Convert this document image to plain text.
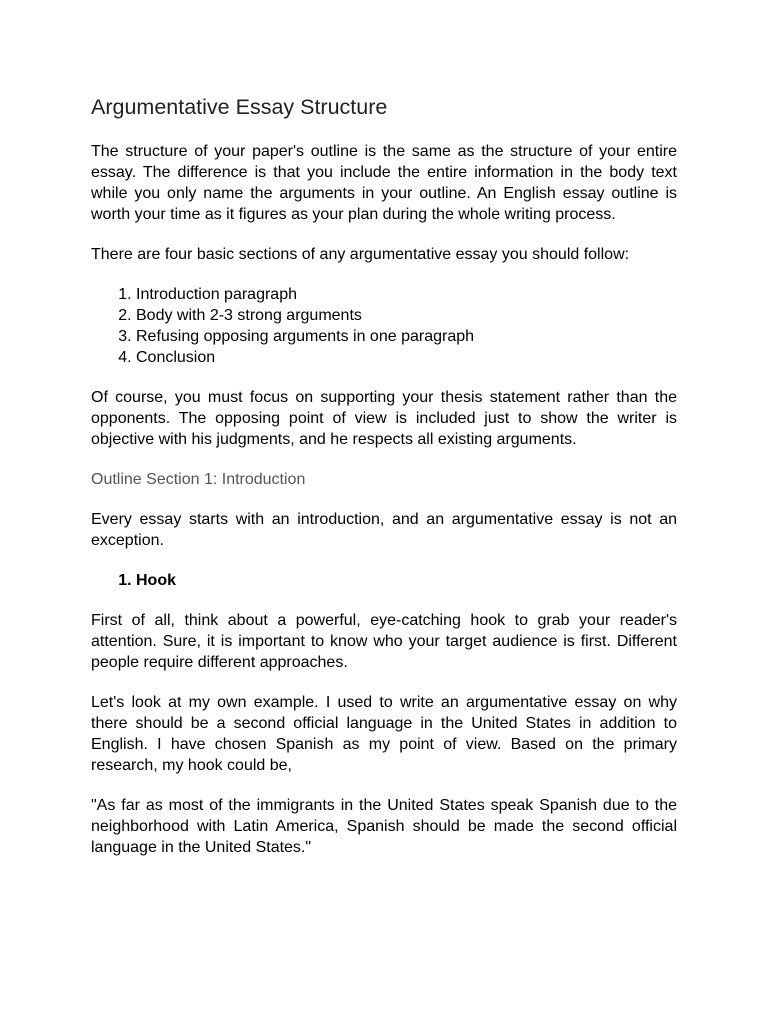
Argumentative Essay Structure

The structure of your paper's outline is the same as the structure of your entire essay. The difference is that you include the entire information in the body text while you only name the arguments in your outline. An English essay outline is worth your time as it figures as your plan during the whole writing process.

There are four basic sections of any argumentative essay you should follow:

1. Introduction paragraph
2. Body with 2-3 strong arguments
3. Refusing opposing arguments in one paragraph
4. Conclusion

Of course, you must focus on supporting your thesis statement rather than the opponents. The opposing point of view is included just to show the writer is objective with his judgments, and he respects all existing arguments.

Outline Section 1: Introduction

Every essay starts with an introduction, and an argumentative essay is not an exception.

1. Hook

First of all, think about a powerful, eye-catching hook to grab your reader's attention. Sure, it is important to know who your target audience is first. Different people require different approaches.

Let's look at my own example. I used to write an argumentative essay on why there should be a second official language in the United States in addition to English. I have chosen Spanish as my point of view. Based on the primary research, my hook could be,

"As far as most of the immigrants in the United States speak Spanish due to the neighborhood with Latin America, Spanish should be made the second official language in the United States."
